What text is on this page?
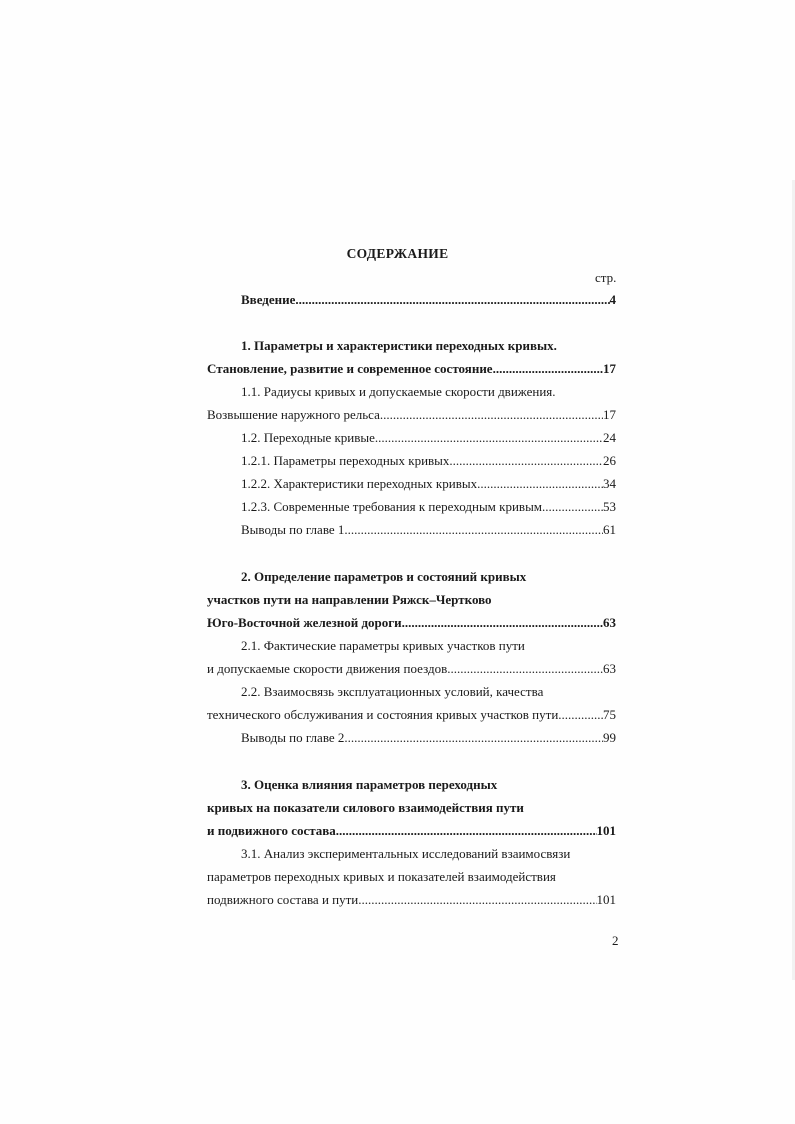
СОДЕРЖАНИЕ
стр.
Введение .....	4
1. Параметры и характеристики переходных кривых.
Становление, развитие и современное состояние .....	17
1.1. Радиусы кривых и допускаемые скорости движения.
Возвышение наружного рельса .....	17
1.2. Переходные кривые .....	24
1.2.1. Параметры переходных кривых .....	26
1.2.2. Характеристики переходных кривых .....	34
1.2.3. Современные требования к переходным кривым .....	53
Выводы по главе 1 .....	61
2. Определение параметров и состояний кривых
участков пути на направлении Ряжск–Чертково
Юго-Восточной железной дороги .....	63
2.1. Фактические параметры кривых участков пути
и допускаемые скорости движения поездов .....	63
2.2. Взаимосвязь эксплуатационных условий, качества
технического обслуживания и состояния кривых участков пути .....	75
Выводы по главе 2 .....	99
3. Оценка влияния параметров переходных
кривых на показатели силового взаимодействия пути
и подвижного состава .....	101
3.1. Анализ экспериментальных исследований взаимосвязи
параметров переходных кривых и показателей взаимодействия
подвижного состава и пути .....	101
2
